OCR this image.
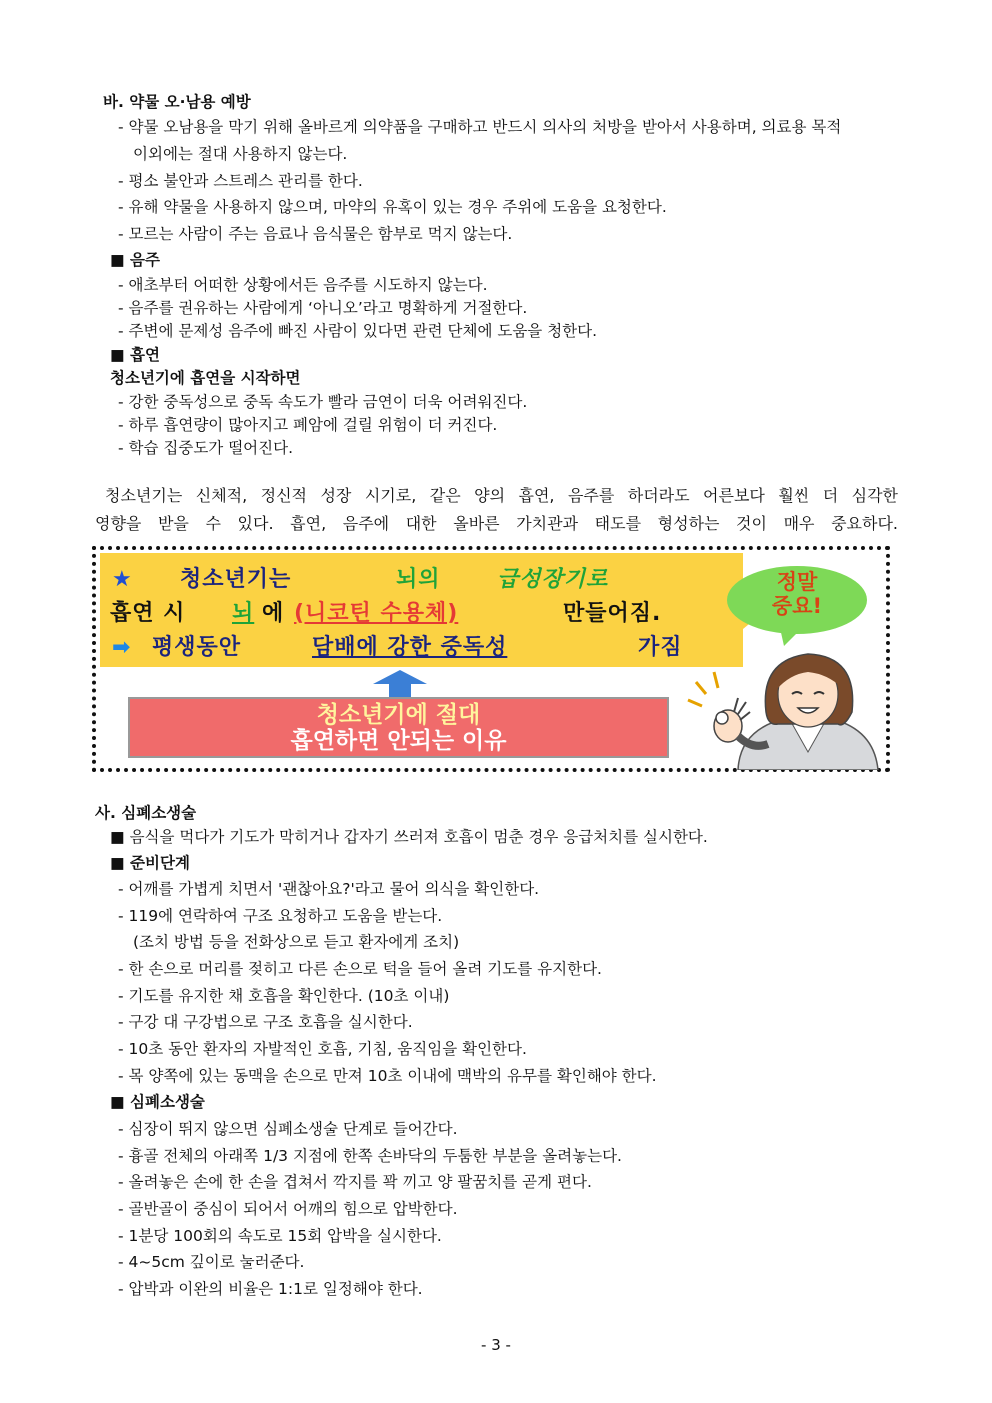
바. 약물 오·남용 예방
- 약물 오남용을 막기 위해 올바르게 의약품을 구매하고 반드시 의사의 처방을 받아서 사용하며, 의료용 목적
이외에는 절대 사용하지 않는다.
- 평소 불안과 스트레스 관리를 한다.
- 유해 약물을 사용하지 않으며, 마약의 유혹이 있는 경우 주위에 도움을 요청한다.
- 모르는 사람이 주는 음료나 음식물은 함부로 먹지 않는다.
■ 음주
- 애초부터 어떠한 상황에서든 음주를 시도하지 않는다.
- 음주를 권유하는 사람에게 ‘아니오’라고 명확하게 거절한다.
- 주변에 문제성 음주에 빠진 사람이 있다면 관련 단체에 도움을 청한다.
■ 흡연
청소년기에 흡연을 시작하면
- 강한 중독성으로 중독 속도가 빨라 금연이 더욱 어려워진다.
- 하루 흡연량이 많아지고 폐암에 걸릴 위험이 더 커진다.
- 학습 집중도가 떨어진다.
청소년기는 신체적, 정신적 성장 시기로, 같은 양의 흡연, 음주를 하더라도 어른보다 훨씬 더 심각한
영향을 받을 수 있다. 흡연, 음주에 대한 올바른 가치관과 태도를 형성하는 것이 매우 중요하다.
★ 청소년기는	뇌의	급성장기로
흡연 시 뇌 에 (니코틴 수용체)	만들어짐.
➡ 평생동안	담배에 강한 중독성	가짐
청소년기에 절대
흡연하면 안되는 이유
정말
중요!
사. 심폐소생술
■ 음식을 먹다가 기도가 막히거나 갑자기 쓰러져 호흡이 멈춘 경우 응급처치를 실시한다.
■ 준비단계
- 어깨를 가볍게 치면서 '괜찮아요?'라고 물어 의식을 확인한다.
- 119에 연락하여 구조 요청하고 도움을 받는다.
(조치 방법 등을 전화상으로 듣고 환자에게 조치)
- 한 손으로 머리를 젖히고 다른 손으로 턱을 들어 올려 기도를 유지한다.
- 기도를 유지한 채 호흡을 확인한다. (10초 이내)
- 구강 대 구강법으로 구조 호흡을 실시한다.
- 10초 동안 환자의 자발적인 호흡, 기침, 움직임을 확인한다.
- 목 양쪽에 있는 동맥을 손으로 만져 10초 이내에 맥박의 유무를 확인해야 한다.
■ 심폐소생술
- 심장이 뛰지 않으면 심폐소생술 단계로 들어간다.
- 흉골 전체의 아래쪽 1/3 지점에 한쪽 손바닥의 두툼한 부분을 올려놓는다.
- 올려놓은 손에 한 손을 겹쳐서 깍지를 꽉 끼고 양 팔꿈치를 곧게 편다.
- 골반골이 중심이 되어서 어깨의 힘으로 압박한다.
- 1분당 100회의 속도로 15회 압박을 실시한다.
- 4~5cm 깊이로 눌러준다.
- 압박과 이완의 비율은 1:1로 일정해야 한다.
- 3 -
